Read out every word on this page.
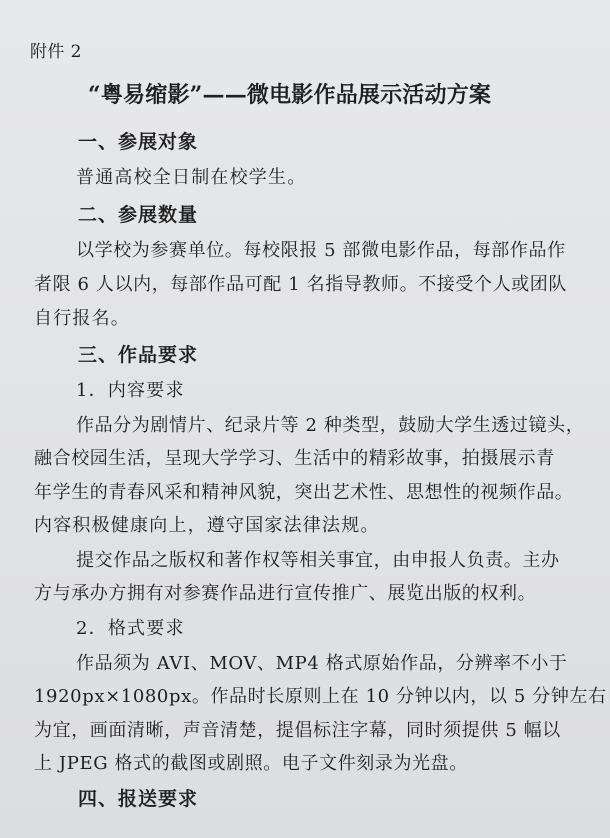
附件 2
“粤易缩影”——微电影作品展示活动方案
一、参展对象
普通高校全日制在校学生。
二、参展数量
以学校为参赛单位。每校限报 5 部微电影作品，每部作品作
者限 6 人以内，每部作品可配 1 名指导教师。不接受个人或团队
自行报名。
三、作品要求
1．内容要求
作品分为剧情片、纪录片等 2 种类型，鼓励大学生透过镜头，
融合校园生活，呈现大学学习、生活中的精彩故事，拍摄展示青
年学生的青春风采和精神风貌，突出艺术性、思想性的视频作品。
内容积极健康向上，遵守国家法律法规。
提交作品之版权和著作权等相关事宜，由申报人负责。主办
方与承办方拥有对参赛作品进行宣传推广、展览出版的权利。
2．格式要求
作品须为 AVI、MOV、MP4 格式原始作品，分辨率不小于
1920px×1080px。作品时长原则上在 10 分钟以内，以 5 分钟左右
为宜，画面清晰，声音清楚，提倡标注字幕，同时须提供 5 幅以
上 JPEG 格式的截图或剧照。电子文件刻录为光盘。
四、报送要求
